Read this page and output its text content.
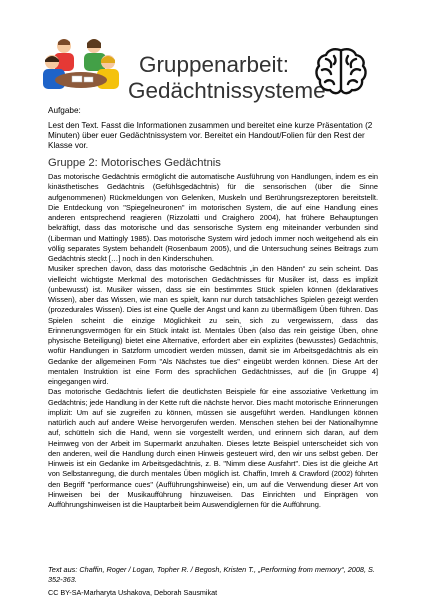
Gruppenarbeit:
Gedächtnissysteme
Aufgabe:
Lest den Text. Fasst die Informationen zusammen und bereitet eine kurze Präsentation (2 Minuten) über euer Gedächtnissystem vor. Bereitet ein Handout/Folien für den Rest der Klasse vor.
Gruppe 2: Motorisches Gedächtnis

Das motorische Gedächtnis ermöglicht die automatische Ausführung von Handlungen, indem es ein kinästhetisches Gedächtnis (Gefühlsgedächtnis) für die sensorischen (über die Sinne aufgenommenen) Rückmeldungen von Gelenken, Muskeln und Berührungsrezeptoren bereitstellt. Die Entdeckung von "Spiegelneuronen" im motorischen System, die auf eine Handlung eines anderen entsprechend reagieren (Rizzolatti und Craighero 2004), hat frühere Behauptungen bekräftigt, dass das motorische und das sensorische System eng miteinander verbunden sind (Liberman und Mattingly 1985). Das motorische System wird jedoch immer noch weitgehend als ein völlig separates System behandelt (Rosenbaum 2005), und die Untersuchung seines Beitrags zum Gedächtnis steckt […] noch in den Kinderschuhen.

Musiker sprechen davon, dass das motorische Gedächtnis „in den Händen“ zu sein scheint. Das vielleicht wichtigste Merkmal des motorischen Gedächtnisses für Musiker ist, dass es implizit (unbewusst) ist. Musiker wissen, dass sie ein bestimmtes Stück spielen können (deklaratives Wissen), aber das Wissen, wie man es spielt, kann nur durch tatsächliches Spielen gezeigt werden (prozedurales Wissen). Dies ist eine Quelle der Angst und kann zu übermäßigem Üben führen. Das Spielen scheint die einzige Möglichkeit zu sein, sich zu vergewissern, dass das Erinnerungsvermögen für ein Stück intakt ist. Mentales Üben (also das rein geistige Üben, ohne physische Beteiligung) bietet eine Alternative, erfordert aber ein explizites (bewusstes) Gedächtnis, wofür Handlungen in Satzform umcodiert werden müssen, damit sie im Arbeitsgedächtnis als ein Gedanke der allgemeinen Form "Als Nächstes tue dies" eingeübt werden können. Diese Art der mentalen Instruktion ist eine Form des sprachlichen Gedächtnisses, auf die [in Gruppe 4] eingegangen wird.

Das motorische Gedächtnis liefert die deutlichsten Beispiele für eine assoziative Verkettung im Gedächtnis; jede Handlung in der Kette ruft die nächste hervor. Dies macht motorische Erinnerungen implizit: Um auf sie zugreifen zu können, müssen sie ausgeführt werden. Handlungen können natürlich auch auf andere Weise hervorgerufen werden. Menschen stehen bei der Nationalhymne auf, schütteln sich die Hand, wenn sie vorgestellt werden, und erinnern sich daran, auf dem Heimweg von der Arbeit im Supermarkt anzuhalten. Dieses letzte Beispiel unterscheidet sich von den anderen, weil die Handlung durch einen Hinweis gesteuert wird, den wir uns selbst geben. Der Hinweis ist ein Gedanke im Arbeitsgedächtnis, z. B. "Nimm diese Ausfahrt". Dies ist die gleiche Art von Selbstanregung, die durch mentales Üben möglich ist. Chaffin, Imreh & Crawford (2002) führten den Begriff "performance cues" (Aufführungshinweise) ein, um auf die Verwendung dieser Art von Hinweisen bei der Musikaufführung hinzuweisen. Das Einrichten und Einprägen von Aufführungshinweisen ist die Hauptarbeit beim Auswendiglernen für die Aufführung.

Text aus: Chaffin, Roger / Logan, Topher R. / Begosh, Kristen T., „Performing from memory“, 2008, S. 352-363.
CC BY-SA-Marharyta Ushakova, Deborah Sausmikat
